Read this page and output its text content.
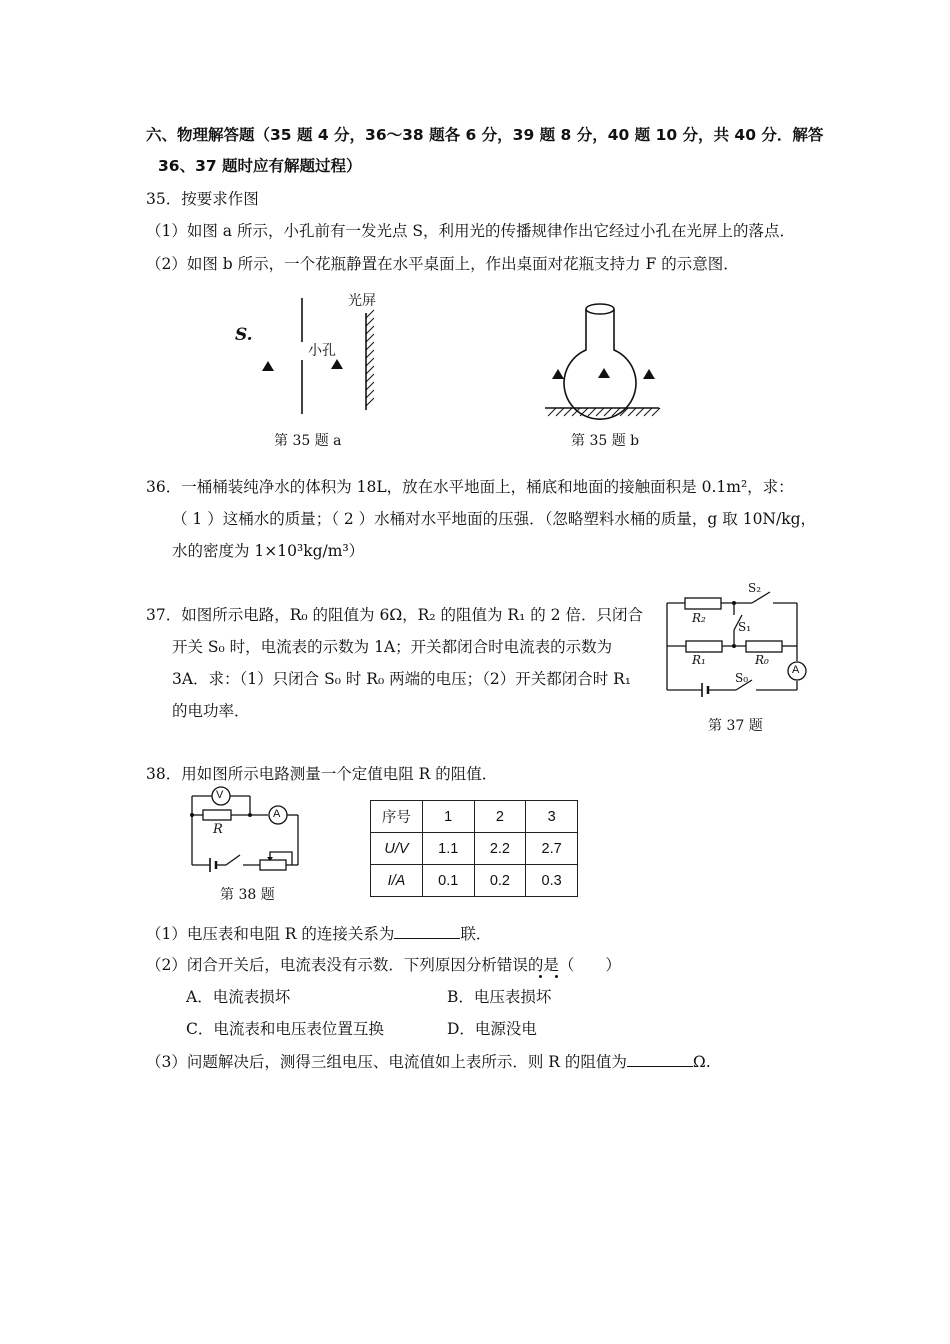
六、物理解答题（35 题 4 分，36～38 题各 6 分，39 题 8 分，40 题 10 分，共 40 分．解答
36、37 题时应有解题过程）
35．按要求作图
（1）如图 a 所示，小孔前有一发光点 S，利用光的传播规律作出它经过小孔在光屏上的落点．
（2）如图 b 所示，一个花瓶静置在水平桌面上，作出桌面对花瓶支持力 F 的示意图．
S.
小孔
光屏
第 35 题 a	第 35 题 b
36．一桶桶装纯净水的体积为 18L，放在水平地面上，桶底和地面的接触面积是 0.1m²，求：
（ 1 ）这桶水的质量；（ 2 ）水桶对水平地面的压强．（忽略塑料水桶的质量，g 取 10N/kg，
水的密度为 1×10³kg/m³）
37．如图所示电路，R₀ 的阻值为 6Ω，R₂ 的阻值为 R₁ 的 2 倍．只闭合
开关 S₀ 时，电流表的示数为 1A；开关都闭合时电流表的示数为
3A．求：（1）只闭合 S₀ 时 R₀ 两端的电压；（2）开关都闭合时 R₁
的电功率．
S₂
R₂
S₁
R₁	R₀
A
S₀
第 37 题
38．用如图所示电路测量一个定值电阻 R 的阻值．
V
A
R
第 38 题
序号	1	2	3
U/V	1.1	2.2	2.7
I/A	0.1	0.2	0.3
（1）电压表和电阻 R 的连接关系为	联．
（2）闭合开关后，电流表没有示数．下列原因分析错误的是（　　）
A．电流表损坏	B．电压表损坏
C．电流表和电压表位置互换	D．电源没电
（3）问题解决后，测得三组电压、电流值如上表所示．则 R 的阻值为	Ω.
